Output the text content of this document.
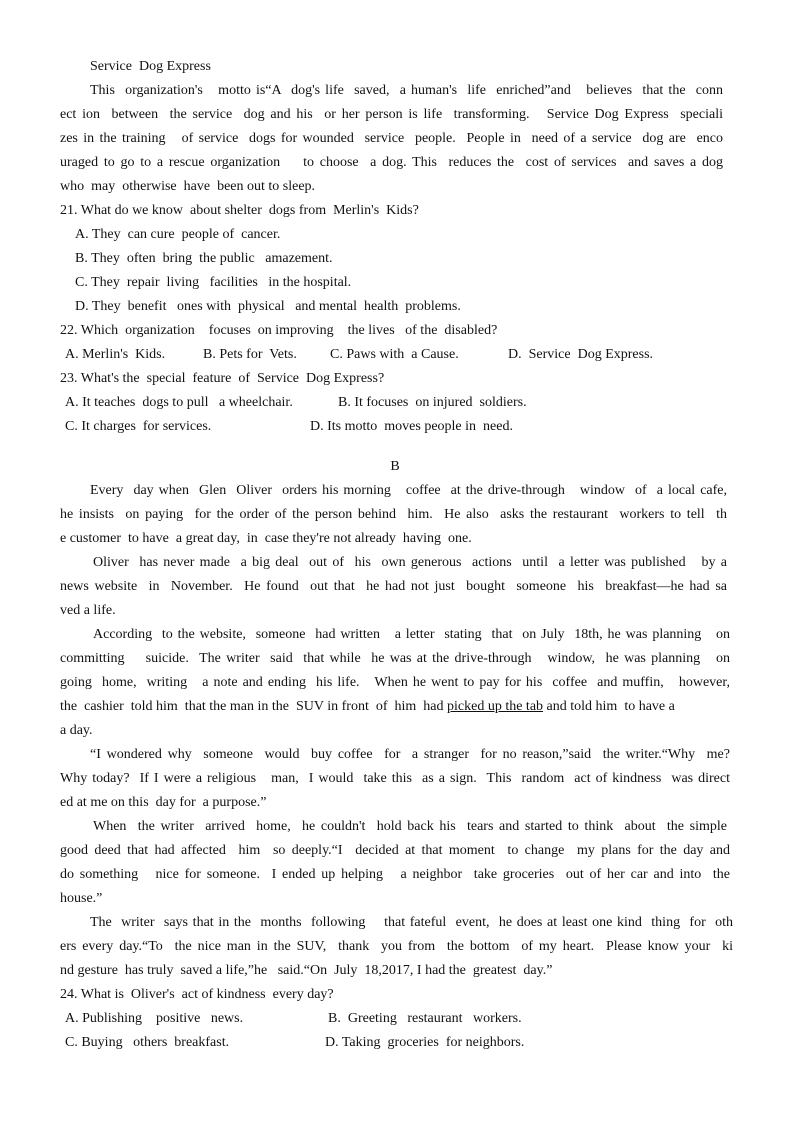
Service  Dog Express
This  organization's   motto is“A  dog's life  saved,  a human's  life  enriched”and   believes  that the  conn
ect ion  between  the service  dog and his  or her person is life  transforming.   Service Dog Express  speciali
zes in the training   of service  dogs for wounded  service  people.  People in  need of a service  dog are  enco
uraged to go to a rescue organization    to choose  a dog. This  reduces the  cost of services  and saves a dog
who  may  otherwise  have  been out to sleep.
21. What do we know  about shelter  dogs from  Merlin's  Kids?
A. They  can cure  people of  cancer.
B. They  often  bring  the public   amazement.
C. They  repair  living   facilities   in the hospital.
D. They  benefit   ones with  physical   and mental  health  problems.
22. Which  organization    focuses  on improving    the lives   of the  disabled?
A. Merlin's  Kids.	B. Pets for  Vets. C. Paws with  a Cause.	D.  Service  Dog Express.
23. What's the  special  feature  of  Service  Dog Express?
A. It teaches  dogs to pull   a wheelchair.	B. It focuses  on injured  soldiers.
C. It charges  for services.	D. Its motto  moves people in  need.
B
Every  day when  Glen  Oliver  orders his morning   coffee  at the drive-through   window  of  a local cafe,
he insists  on paying  for the order of the person behind  him.  He also  asks the restaurant  workers to tell  th
e customer  to have  a great day,  in  case they're not already  having  one.
Oliver  has never made  a big deal  out of  his  own generous  actions  until  a letter was published   by a
news website  in  November.  He found  out that  he had not just  bought  someone  his  breakfast—he had sa
ved a life.
According  to the website,  someone  had written   a letter  stating  that  on July  18th, he was planning   on
committing    suicide.  The writer  said  that while  he was at the drive-through   window,  he was planning   on
going  home,  writing   a note and ending  his life.   When he went to pay for his  coffee  and muffin,   however,
the  cashier  told him  that the man in the  SUV in front  of  him  had picked up the tab and told him  to have a
a day.
“I wondered why  someone  would  buy coffee  for  a stranger  for no reason,”said  the writer.“Why  me?
Why today?  If I were a religious   man,  I would  take this  as a sign.  This  random  act of kindness  was direct
ed at me on this  day for  a purpose.”
When  the writer  arrived  home,  he couldn't  hold back his  tears and started to think  about  the simple
good deed that had affected  him  so deeply.“I  decided at that moment  to change  my plans for the day and
do something   nice for someone.  I ended up helping   a neighbor  take groceries  out of her car and into  the
house.”
The  writer  says that in the  months  following    that fateful  event,  he does at least one kind  thing  for  oth
ers every day.“To  the nice man in the SUV,  thank  you from  the bottom  of my heart.  Please know your  ki
nd gesture  has truly  saved a life,”he   said.“On  July  18,2017, I had the  greatest  day.”
24. What is  Oliver's  act of kindness  every day?
A. Publishing    positive   news.	B.  Greeting   restaurant   workers.
C. Buying   others  breakfast.	D. Taking  groceries  for neighbors.
